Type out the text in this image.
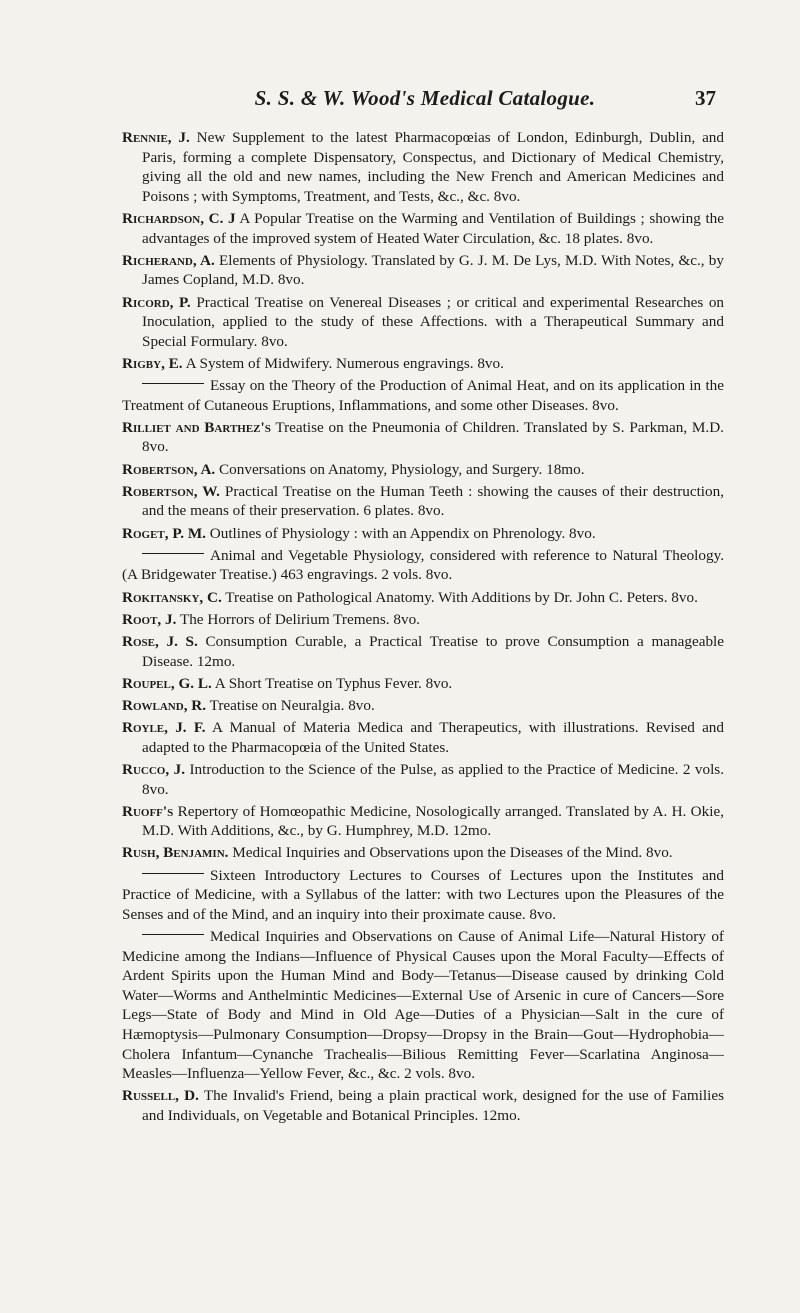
S. S. & W. Wood's Medical Catalogue.	37

Rennie, J. New Supplement to the latest Pharmacopœias of London, Edinburgh, Dublin, and Paris, forming a complete Dispensatory, Conspectus, and Dictionary of Medical Chemistry, giving all the old and new names, including the New French and American Medicines and Poisons ; with Symptoms, Treatment, and Tests, &c., &c. 8vo.

Richardson, C. J A Popular Treatise on the Warming and Ventilation of Buildings ; showing the advantages of the improved system of Heated Water Circulation, &c. 18 plates. 8vo.

Richerand, A. Elements of Physiology. Translated by G. J. M. De Lys, M.D. With Notes, &c., by James Copland, M.D. 8vo.

Ricord, P. Practical Treatise on Venereal Diseases ; or critical and experimental Researches on Inoculation, applied to the study of these Affections. with a Therapeutical Summary and Special Formulary. 8vo.

Rigby, E. A System of Midwifery. Numerous engravings. 8vo.

Essay on the Theory of the Production of Animal Heat, and on its application in the Treatment of Cutaneous Eruptions, Inflammations, and some other Diseases. 8vo.

Rilliet and Barthez's Treatise on the Pneumonia of Children. Translated by S. Parkman, M.D. 8vo.

Robertson, A. Conversations on Anatomy, Physiology, and Surgery. 18mo.

Robertson, W. Practical Treatise on the Human Teeth : showing the causes of their destruction, and the means of their preservation. 6 plates. 8vo.

Roget, P. M. Outlines of Physiology : with an Appendix on Phrenology. 8vo.

Animal and Vegetable Physiology, considered with reference to Natural Theology. (A Bridgewater Treatise.) 463 engravings. 2 vols. 8vo.

Rokitansky, C. Treatise on Pathological Anatomy. With Additions by Dr. John C. Peters. 8vo.

Root, J. The Horrors of Delirium Tremens. 8vo.

Rose, J. S. Consumption Curable, a Practical Treatise to prove Consumption a manageable Disease. 12mo.

Roupel, G. L. A Short Treatise on Typhus Fever. 8vo.

Rowland, R. Treatise on Neuralgia. 8vo.

Royle, J. F. A Manual of Materia Medica and Therapeutics, with illustrations. Revised and adapted to the Pharmacopœia of the United States.

Rucco, J. Introduction to the Science of the Pulse, as applied to the Practice of Medicine. 2 vols. 8vo.

Ruoff's Repertory of Homœopathic Medicine, Nosologically arranged. Translated by A. H. Okie, M.D. With Additions, &c., by G. Humphrey, M.D. 12mo.

Rush, Benjamin. Medical Inquiries and Observations upon the Diseases of the Mind. 8vo.

Sixteen Introductory Lectures to Courses of Lectures upon the Institutes and Practice of Medicine, with a Syllabus of the latter: with two Lectures upon the Pleasures of the Senses and of the Mind, and an inquiry into their proximate cause. 8vo.

Medical Inquiries and Observations on Cause of Animal Life—Natural History of Medicine among the Indians—Influence of Physical Causes upon the Moral Faculty—Effects of Ardent Spirits upon the Human Mind and Body—Tetanus—Disease caused by drinking Cold Water—Worms and Anthelmintic Medicines—External Use of Arsenic in cure of Cancers—Sore Legs—State of Body and Mind in Old Age—Duties of a Physician—Salt in the cure of Hæmoptysis—Pulmonary Consumption—Dropsy—Dropsy in the Brain—Gout—Hydrophobia—Cholera Infantum—Cynanche Trachealis—Bilious Remitting Fever—Scarlatina Anginosa—Measles—Influenza—Yellow Fever, &c., &c. 2 vols. 8vo.

Russell, D. The Invalid's Friend, being a plain practical work, designed for the use of Families and Individuals, on Vegetable and Botanical Principles. 12mo.
